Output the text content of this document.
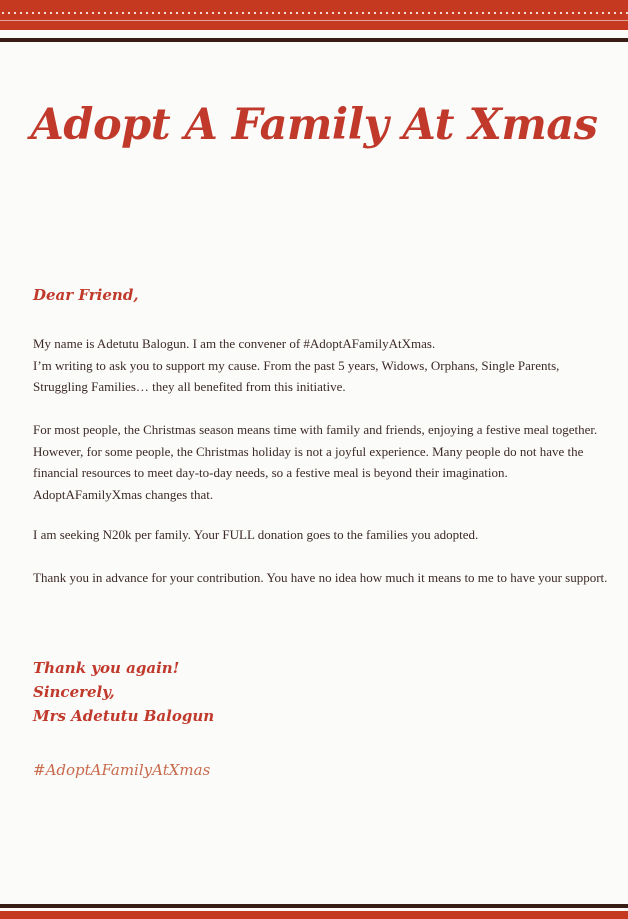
Adopt A Family At Xmas

Dear Friend,

My name is Adetutu Balogun. I am the convener of #AdoptAFamilyAtXmas.
I’m writing to ask you to support my cause. From the past 5 years, Widows, Orphans, Single Parents, Struggling Families… they all benefited from this initiative.

For most people, the Christmas season means time with family and friends, enjoying a festive meal together. However, for some people, the Christmas holiday is not a joyful experience. Many people do not have the financial resources to meet day-to-day needs, so a festive meal is beyond their imagination. AdoptAFamilyXmas changes that.

I am seeking N20k per family. Your FULL donation goes to the families you adopted.

Thank you in advance for your contribution. You have no idea how much it means to me to have your support.

Thank you again!

Sincerely,

Mrs Adetutu Balogun

#AdoptAFamilyAtXmas
